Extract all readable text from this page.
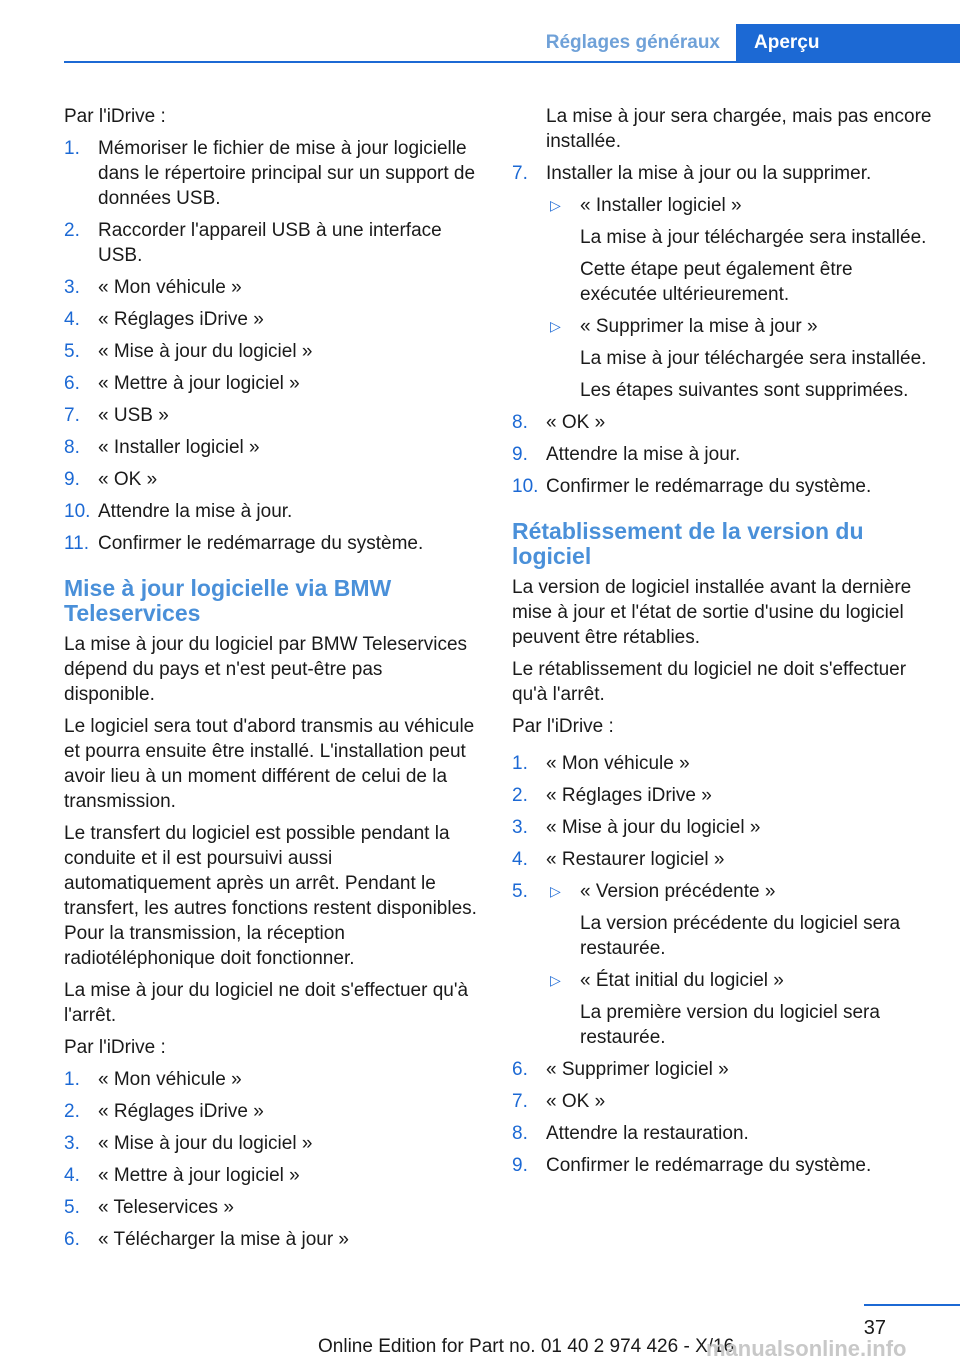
Réglages généraux	Aperçu

Par l'iDrive :

1. Mémoriser le fichier de mise à jour logicielle dans le répertoire principal sur un support de données USB.
2. Raccorder l'appareil USB à une interface USB.
3. « Mon véhicule »
4. « Réglages iDrive »
5. « Mise à jour du logiciel »
6. « Mettre à jour logiciel »
7. « USB »
8. « Installer logiciel »
9. « OK »
10. Attendre la mise à jour.
11. Confirmer le redémarrage du système.
Mise à jour logicielle via BMW Teleservices

La mise à jour du logiciel par BMW Teleservices dépend du pays et n'est peut-être pas disponible.

Le logiciel sera tout d'abord transmis au véhicule et pourra ensuite être installé. L'installation peut avoir lieu à un moment différent de celui de la transmission.

Le transfert du logiciel est possible pendant la conduite et il est poursuivi aussi automatiquement après un arrêt. Pendant le transfert, les autres fonctions restent disponibles. Pour la transmission, la réception radiotéléphonique doit fonctionner.

La mise à jour du logiciel ne doit s'effectuer qu'à l'arrêt.

Par l'iDrive :

1. « Mon véhicule »
2. « Réglages iDrive »
3. « Mise à jour du logiciel »
4. « Mettre à jour logiciel »
5. « Teleservices »
6. « Télécharger la mise à jour »
La mise à jour sera chargée, mais pas encore installée.
7. Installer la mise à jour ou la supprimer.
▷ « Installer logiciel »
La mise à jour téléchargée sera installée.
Cette étape peut également être exécutée ultérieurement.
▷ « Supprimer la mise à jour »
La mise à jour téléchargée sera installée.
Les étapes suivantes sont supprimées.
8. « OK »
9. Attendre la mise à jour.
10. Confirmer le redémarrage du système.
Rétablissement de la version du logiciel

La version de logiciel installée avant la dernière mise à jour et l'état de sortie d'usine du logiciel peuvent être rétablies.

Le rétablissement du logiciel ne doit s'effectuer qu'à l'arrêt.

Par l'iDrive :

1. « Mon véhicule »
2. « Réglages iDrive »
3. « Mise à jour du logiciel »
4. « Restaurer logiciel »
5. ▷ « Version précédente »
La version précédente du logiciel sera restaurée.
▷ « État initial du logiciel »
La première version du logiciel sera restaurée.
6. « Supprimer logiciel »
7. « OK »
8. Attendre la restauration.
9. Confirmer le redémarrage du système.
37
Online Edition for Part no. 01 40 2 974 426 - X/16
manualsonline.info
